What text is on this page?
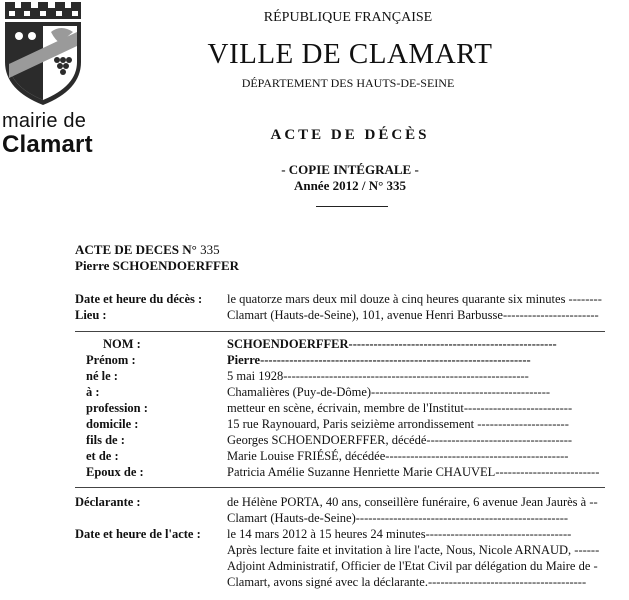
mairie de
Clamart
RÉPUBLIQUE FRANÇAISE
VILLE DE CLAMART
DÉPARTEMENT DES HAUTS-DE-SEINE
ACTE DE DÉCÈS
- COPIE INTÉGRALE -
Année 2012 / N° 335
ACTE DE DECES N° 335
Pierre SCHOENDOERFFER
Date et heure du décès : le quatorze mars deux mil douze à cinq heures quarante six minutes --------
Lieu :	Clamart (Hauts-de-Seine), 101, avenue Henri Barbusse-----------------------
NOM :	SCHOENDOERFFER--------------------------------------------------
Prénom :	Pierre-----------------------------------------------------------------
né le :	5 mai 1928-----------------------------------------------------------
à :	Chamalières (Puy-de-Dôme)-------------------------------------------
profession :	metteur en scène, écrivain, membre de l'Institut--------------------------
domicile :	15 rue Raynouard, Paris seizième arrondissement ----------------------
fils de :	Georges SCHOENDOERFFER, décédé-----------------------------------
et de :	Marie Louise FRIÉSÉ, décédée--------------------------------------------
Epoux de :	Patricia Amélie Suzanne Henriette Marie CHAUVEL-------------------------
Déclarante :	de Hélène PORTA, 40 ans, conseillère funéraire, 6 avenue Jean Jaurès à --
Clamart (Hauts-de-Seine)---------------------------------------------------
Date et heure de l'acte : le 14 mars 2012 à 15 heures 24 minutes-----------------------------------
Après lecture faite et invitation à lire l'acte, Nous, Nicole ARNAUD, ------
Adjoint Administratif, Officier de l'Etat Civil par délégation du Maire de -
Clamart, avons signé avec la déclarante.--------------------------------------
